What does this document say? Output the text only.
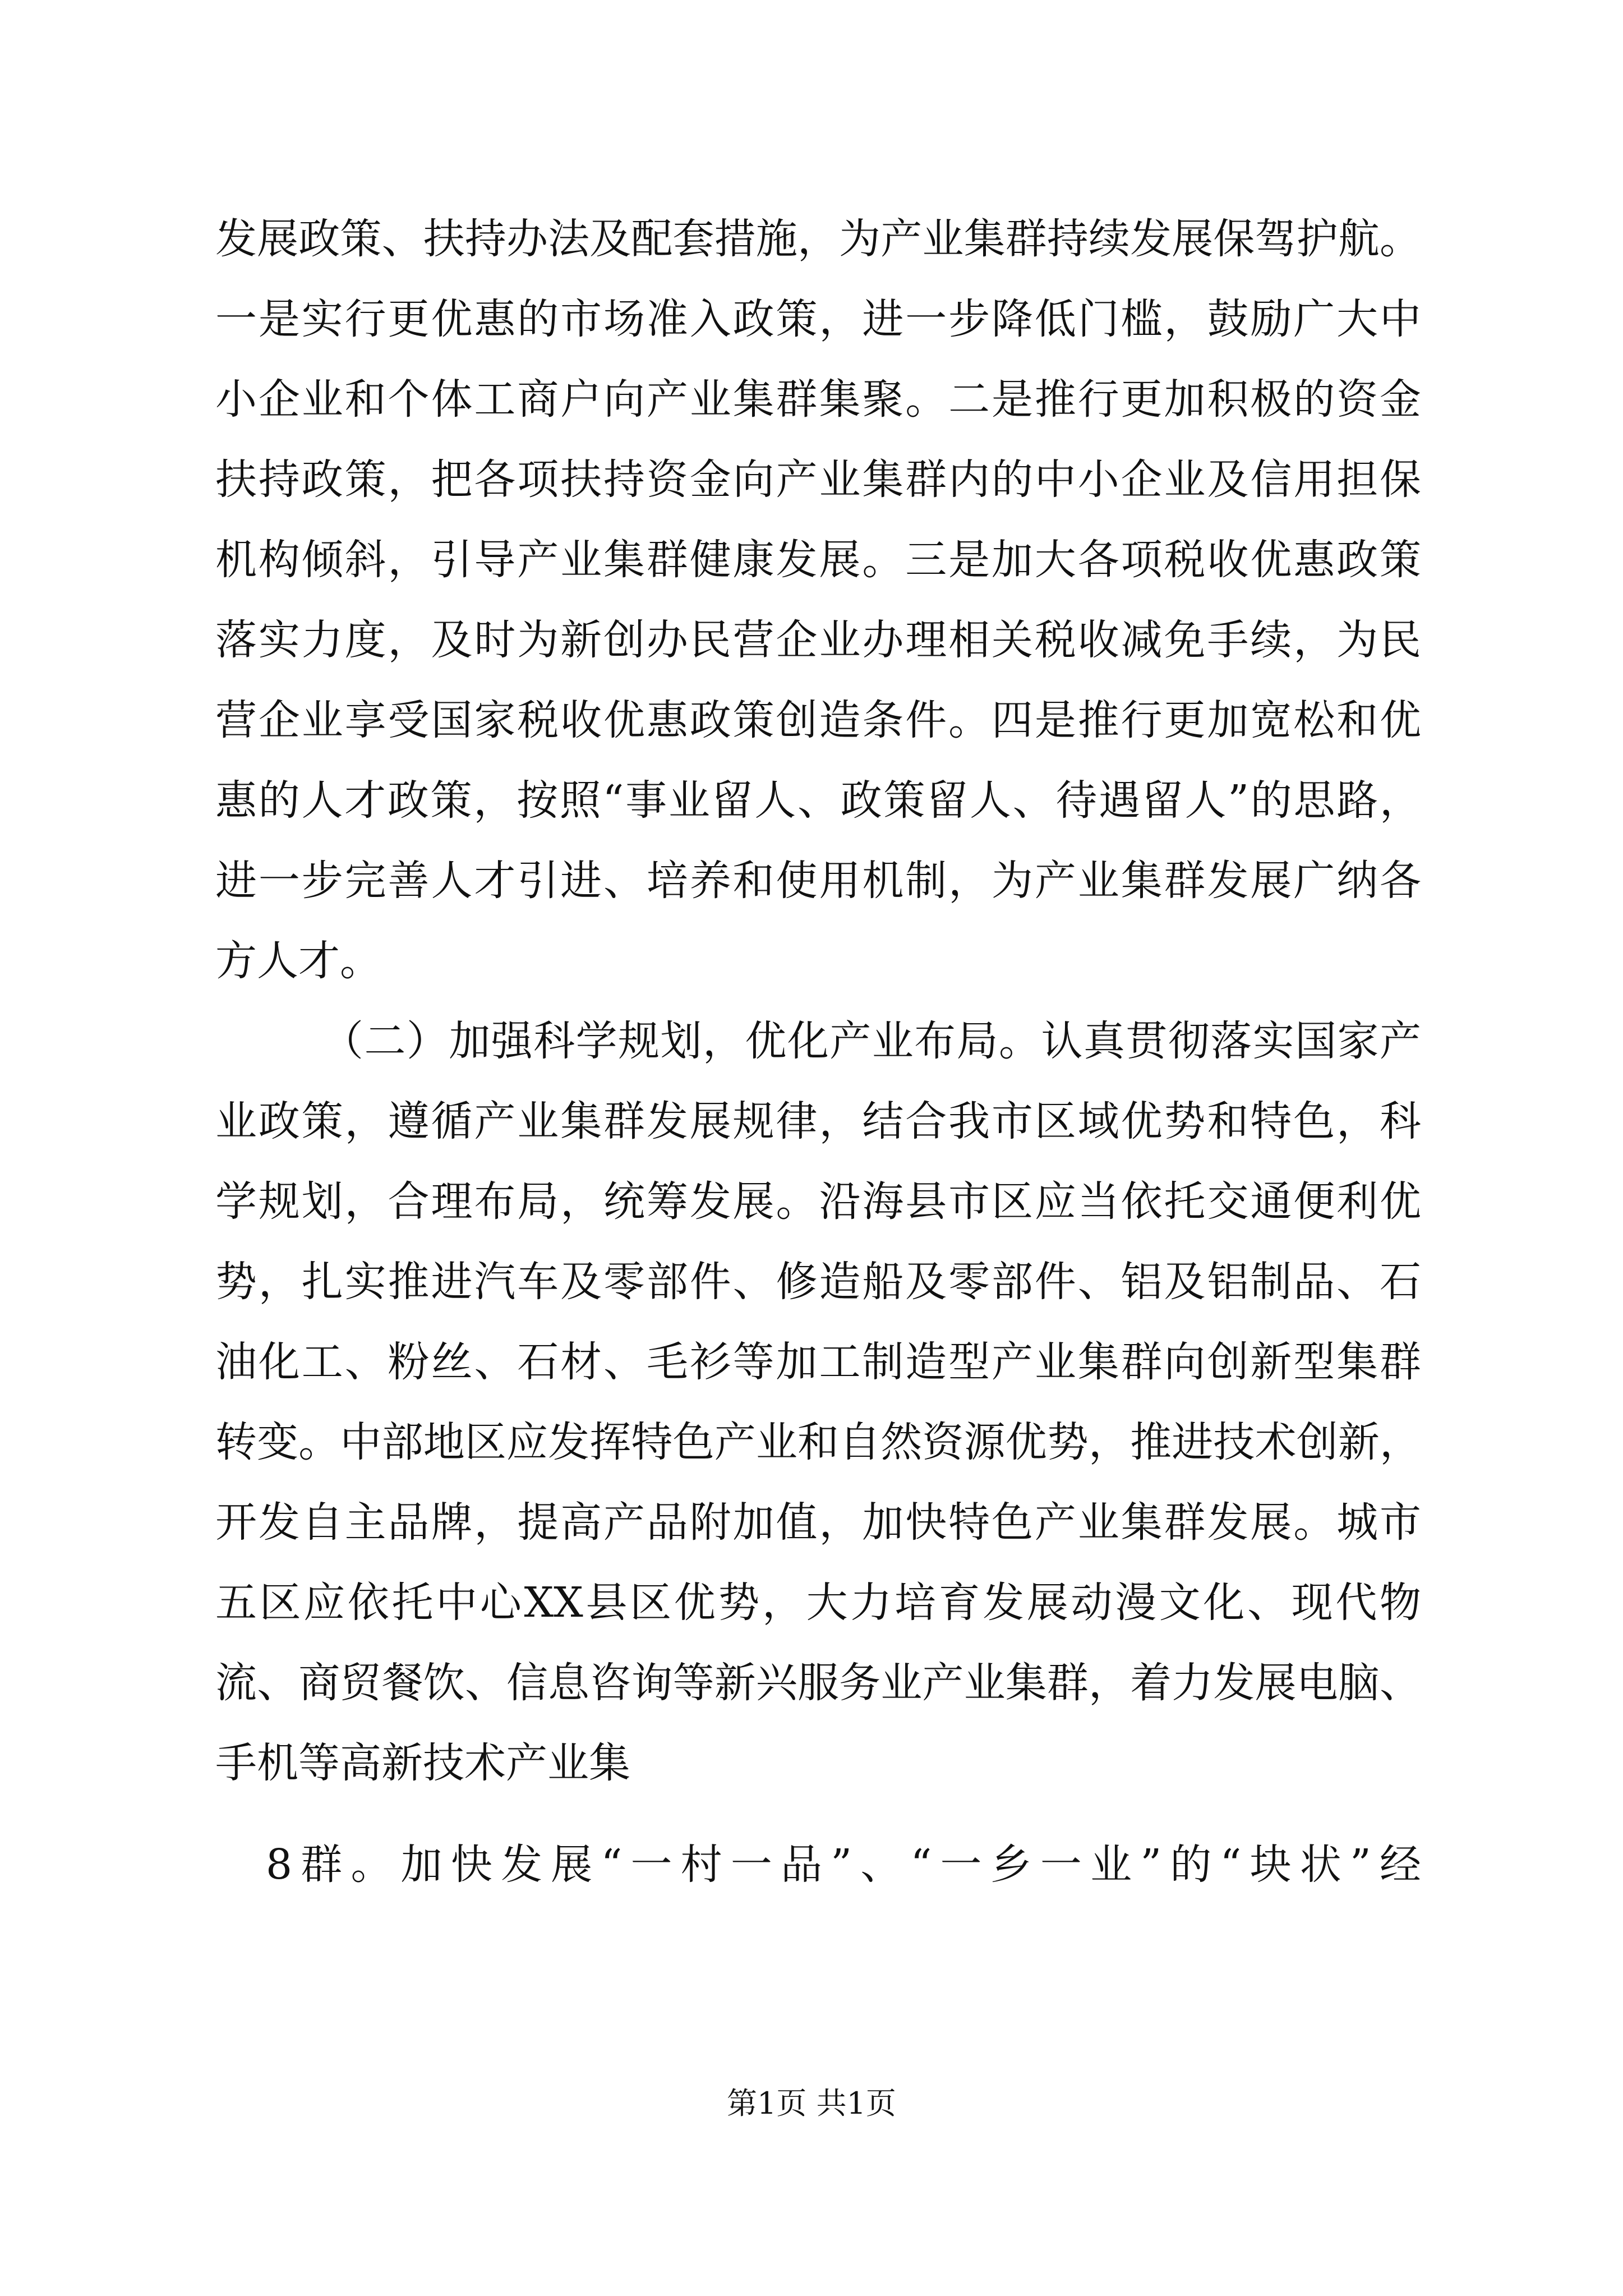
发展政策、扶持办法及配套措施，为产业集群持续发展保驾护航。
一是实行更优惠的市场准入政策，进一步降低门槛，鼓励广大中
小企业和个体工商户向产业集群集聚。二是推行更加积极的资金
扶持政策，把各项扶持资金向产业集群内的中小企业及信用担保
机构倾斜，引导产业集群健康发展。三是加大各项税收优惠政策
落实力度，及时为新创办民营企业办理相关税收减免手续，为民
营企业享受国家税收优惠政策创造条件。四是推行更加宽松和优
惠的人才政策，按照“事业留人、政策留人、待遇留人”的思路，
进一步完善人才引进、培养和使用机制，为产业集群发展广纳各
方人才。
（二）加强科学规划，优化产业布局。认真贯彻落实国家产
业政策，遵循产业集群发展规律，结合我市区域优势和特色，科
学规划，合理布局，统筹发展。沿海县市区应当依托交通便利优
势，扎实推进汽车及零部件、修造船及零部件、铝及铝制品、石
油化工、粉丝、石材、毛衫等加工制造型产业集群向创新型集群
转变。中部地区应发挥特色产业和自然资源优势，推进技术创新，
开发自主品牌，提高产品附加值，加快特色产业集群发展。城市
五区应依托中心XX县区优势，大力培育发展动漫文化、现代物
流、商贸餐饮、信息咨询等新兴服务业产业集群，着力发展电脑、
手机等高新技术产业集
8群。加快发展“一村一品”、“一乡一业”的“块状”经
第1页 共1页
